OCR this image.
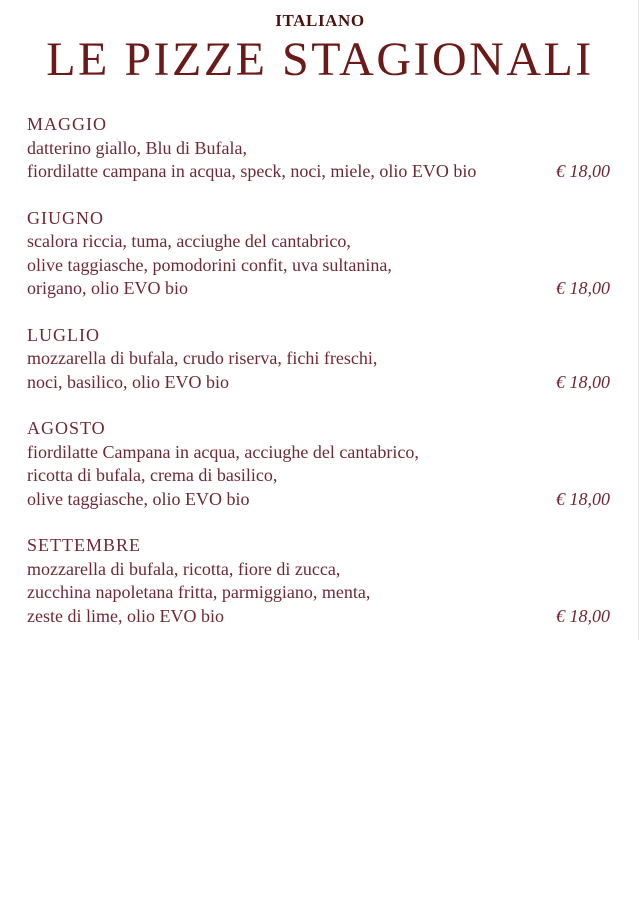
ITALIANO
LE PIZZE STAGIONALI
MAGGIO
datterino giallo, Blu di Bufala,
fiordilatte campana in acqua, speck, noci, miele, olio EVO bio	€ 18,00
GIUGNO
scalora riccia, tuma, acciughe del cantabrico,
olive taggiasche, pomodorini confit, uva sultanina,
origano, olio EVO bio	€ 18,00
LUGLIO
mozzarella di bufala, crudo riserva, fichi freschi,
noci, basilico, olio EVO bio	€ 18,00
AGOSTO
fiordilatte Campana in acqua, acciughe del cantabrico,
ricotta di bufala, crema di basilico,
olive taggiasche, olio EVO bio	€ 18,00
SETTEMBRE
mozzarella di bufala, ricotta, fiore di zucca,
zucchina napoletana fritta, parmiggiano, menta,
zeste di lime, olio EVO bio	€ 18,00
